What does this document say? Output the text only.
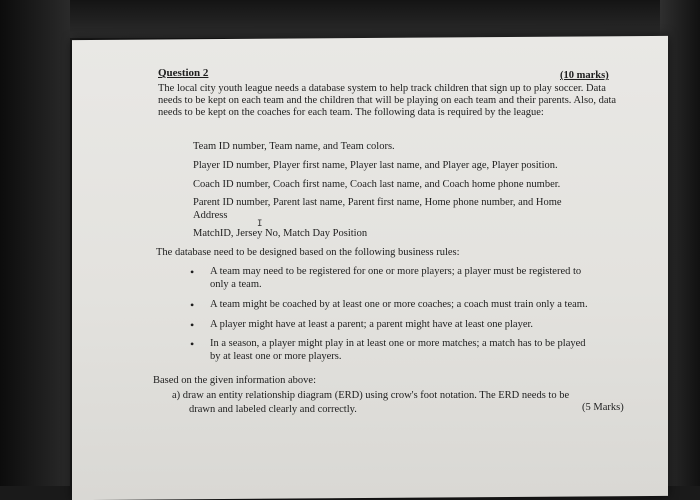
Question 2	(10 marks)
The local city youth league needs a database system to help track children that sign up to play soccer. Data needs to be kept on each team and the children that will be playing on each team and their parents. Also, data needs to be kept on the coaches for each team. The following data is required by the league:
Team ID number, Team name, and Team colors.
Player ID number, Player first name, Player last name, and Player age, Player position.
Coach ID number, Coach first name, Coach last name, and Coach home phone number.
Parent ID number, Parent last name, Parent first name, Home phone number, and Home
Address
MatchID, Jersey No, Match Day Position
I
The database need to be designed based on the following business rules:
• A team may need to be registered for one or more players; a player must be registered to
only a team.
• A team might be coached by at least one or more coaches; a coach must train only a team.
• A player might have at least a parent; a parent might have at least one player.
• In a season, a player might play in at least one or more matches; a match has to be played
by at least one or more players.
Based on the given information above:
a) draw an entity relationship diagram (ERD) using crow's foot notation. The ERD needs to be
drawn and labeled clearly and correctly.	(5 Marks)
